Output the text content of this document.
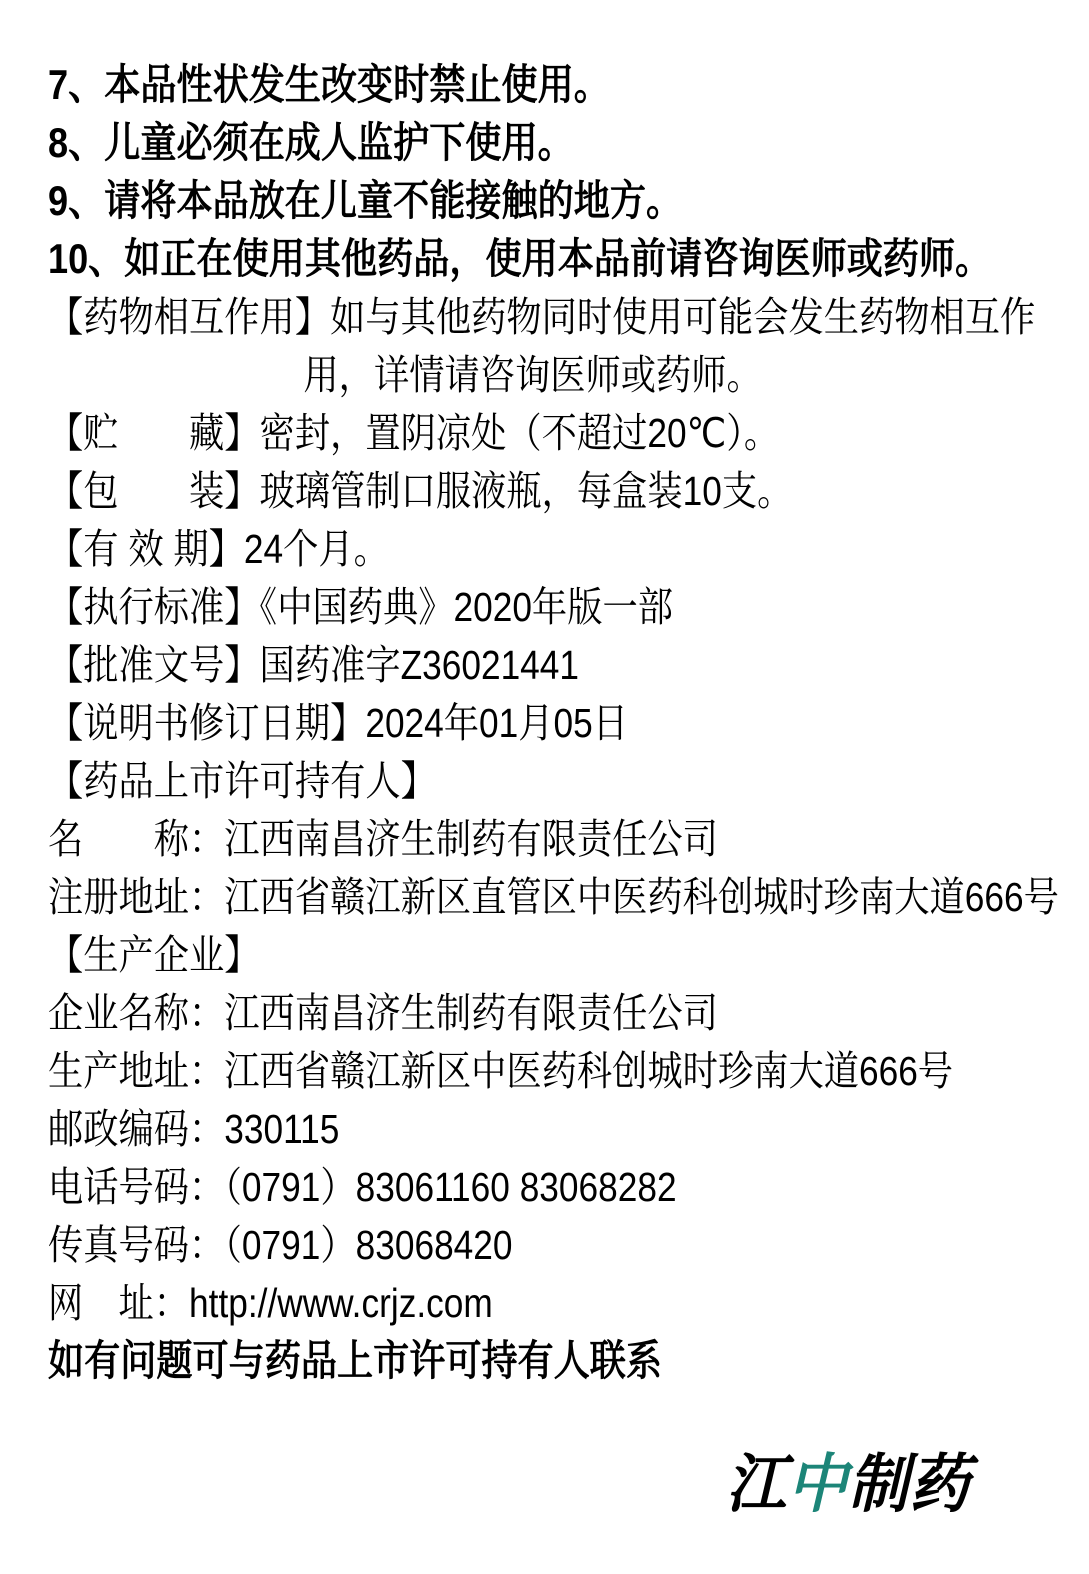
7、本品性状发生改变时禁止使用。
8、儿童必须在成人监护下使用。
9、请将本品放在儿童不能接触的地方。
10、如正在使用其他药品，使用本品前请咨询医师或药师。
【药物相互作用】如与其他药物同时使用可能会发生药物相互作
用，详情请咨询医师或药师。
【贮　　藏】密封，置阴凉处（不超过20℃）。
【包　　装】玻璃管制口服液瓶，每盒装10支。
【有 效 期】24个月。
【执行标准】《中国药典》2020年版一部
【批准文号】国药准字Z36021441
【说明书修订日期】2024年01月05日
【药品上市许可持有人】
名　　称：江西南昌济生制药有限责任公司
注册地址：江西省赣江新区直管区中医药科创城时珍南大道666号
【生产企业】
企业名称：江西南昌济生制药有限责任公司
生产地址：江西省赣江新区中医药科创城时珍南大道666号
邮政编码：330115
电话号码：（0791）83061160 83068282
传真号码：（0791）83068420
网　址：http://www.crjz.com
如有问题可与药品上市许可持有人联系
江中制药
